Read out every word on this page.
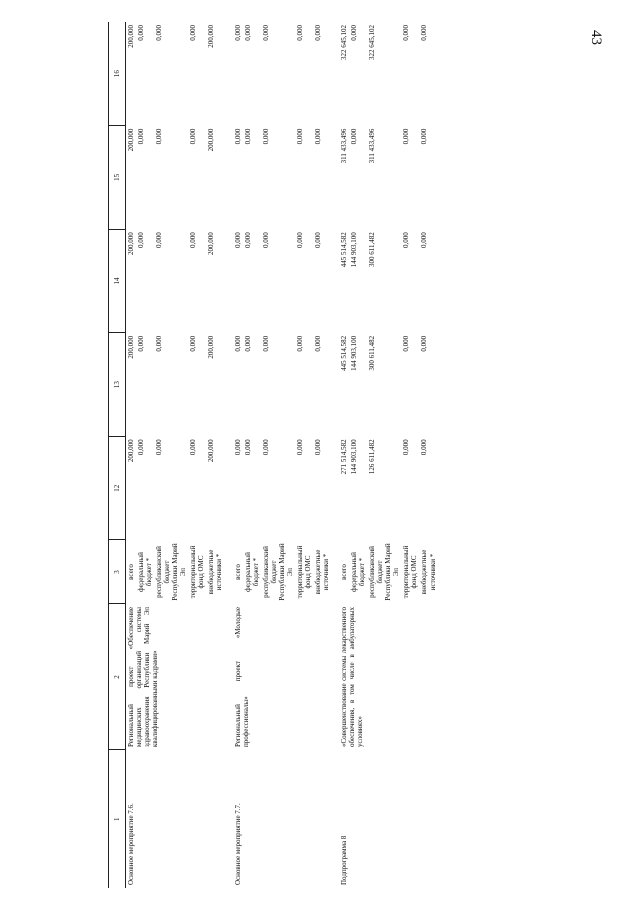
43
1	2	3	12	13	14	15	16
Основное мероприятие 7.6.	Региональный проект «Обеспечение медицинских организаций системы здравоохранения Республики Марий Эл квалифицированными кадрами»	всего	200,000	200,000	200,000	200,000	200,000
		федеральный бюджет *	0,000	0,000	0,000	0,000	0,000
		республиканский бюджет Республики Марий Эл	0,000	0,000	0,000	0,000	0,000
		территориальный фонд ОМС	0,000	0,000	0,000	0,000	0,000
		внебюджетные источники *	200,000	200,000	200,000	200,000	200,000

Основное мероприятие 7.7.	Региональный проект «Молодые профессионалы»	всего	0,000	0,000	0,000	0,000	0,000
		федеральный бюджет *	0,000	0,000	0,000	0,000	0,000
		республиканский бюджет Республики Марий Эл	0,000	0,000	0,000	0,000	0,000
		территориальный фонд ОМС	0,000	0,000	0,000	0,000	0,000
		внебюджетные источники *	0,000	0,000	0,000	0,000	0,000

Подпрограмма 8	«Совершенствование системы лекарственного обеспечения, в том числе в амбулаторных условиях»	всего	271 514,582	445 514,582	445 514,582	311 433,496	322 645,102
		федеральный бюджет *	144 903,100	144 903,100	144 903,100	0,000	0,000
		республиканский бюджет Республики Марий Эл	126 611,482	300 611,482	300 611,482	311 433,496	322 645,102
		территориальный фонд ОМС	0,000	0,000	0,000	0,000	0,000
		внебюджетные источники *	0,000	0,000	0,000	0,000	0,000
